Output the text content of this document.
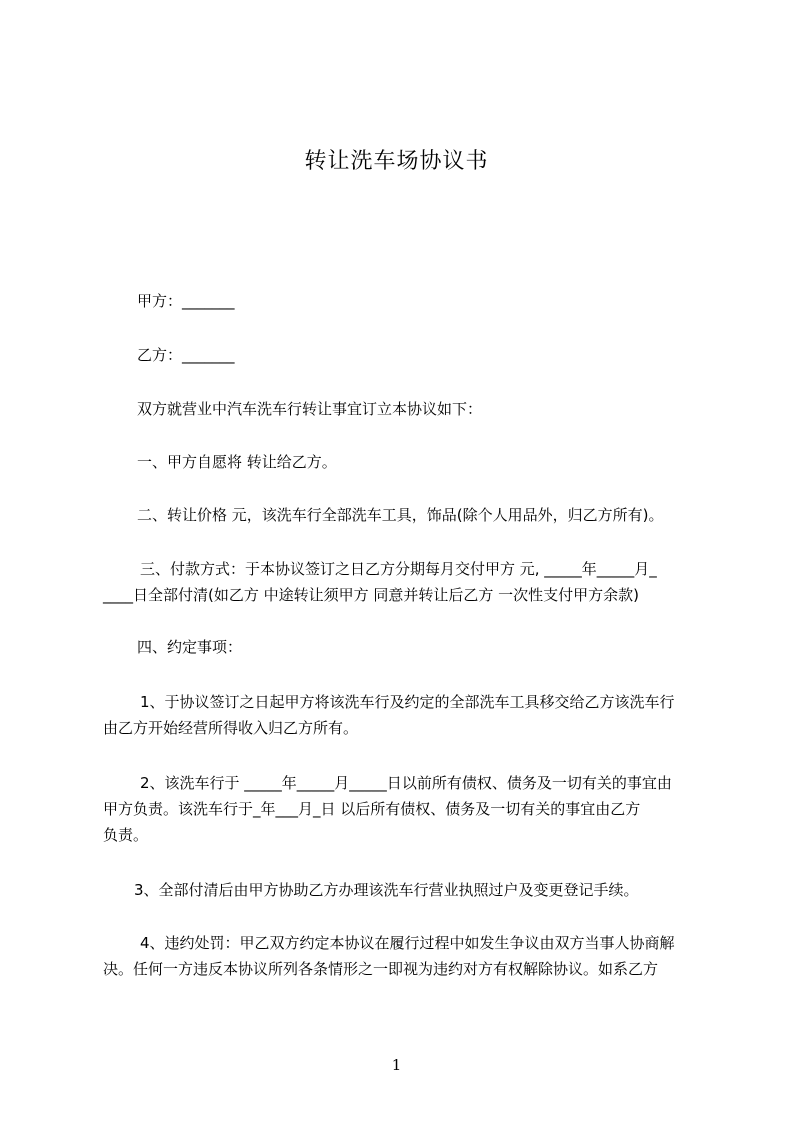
转让洗车场协议书
甲方：_______
乙方：_______
双方就营业中汽车洗车行转让事宜订立本协议如下：
一、甲方自愿将 转让给乙方。
二、转让价格 元，该洗车行全部洗车工具，饰品(除个人用品外，归乙方所有)。
三、付款方式：于本协议签订之日乙方分期每月交付甲方 元, _____年_____月_
____日全部付清(如乙方 中途转让须甲方 同意并转让后乙方 一次性支付甲方余款)
四、约定事项：
1、于协议签订之日起甲方将该洗车行及约定的全部洗车工具移交给乙方该洗车行
由乙方开始经营所得收入归乙方所有。
2、该洗车行于 _____年_____月_____日以前所有债权、债务及一切有关的事宜由
甲方负责。该洗车行于_年___月_日 以后所有债权、债务及一切有关的事宜由乙方
负责。
3、全部付清后由甲方协助乙方办理该洗车行营业执照过户及变更登记手续。
4、违约处罚：甲乙双方约定本协议在履行过程中如发生争议由双方当事人协商解
决。任何一方违反本协议所列各条情形之一即视为违约对方有权解除协议。如系乙方
1
